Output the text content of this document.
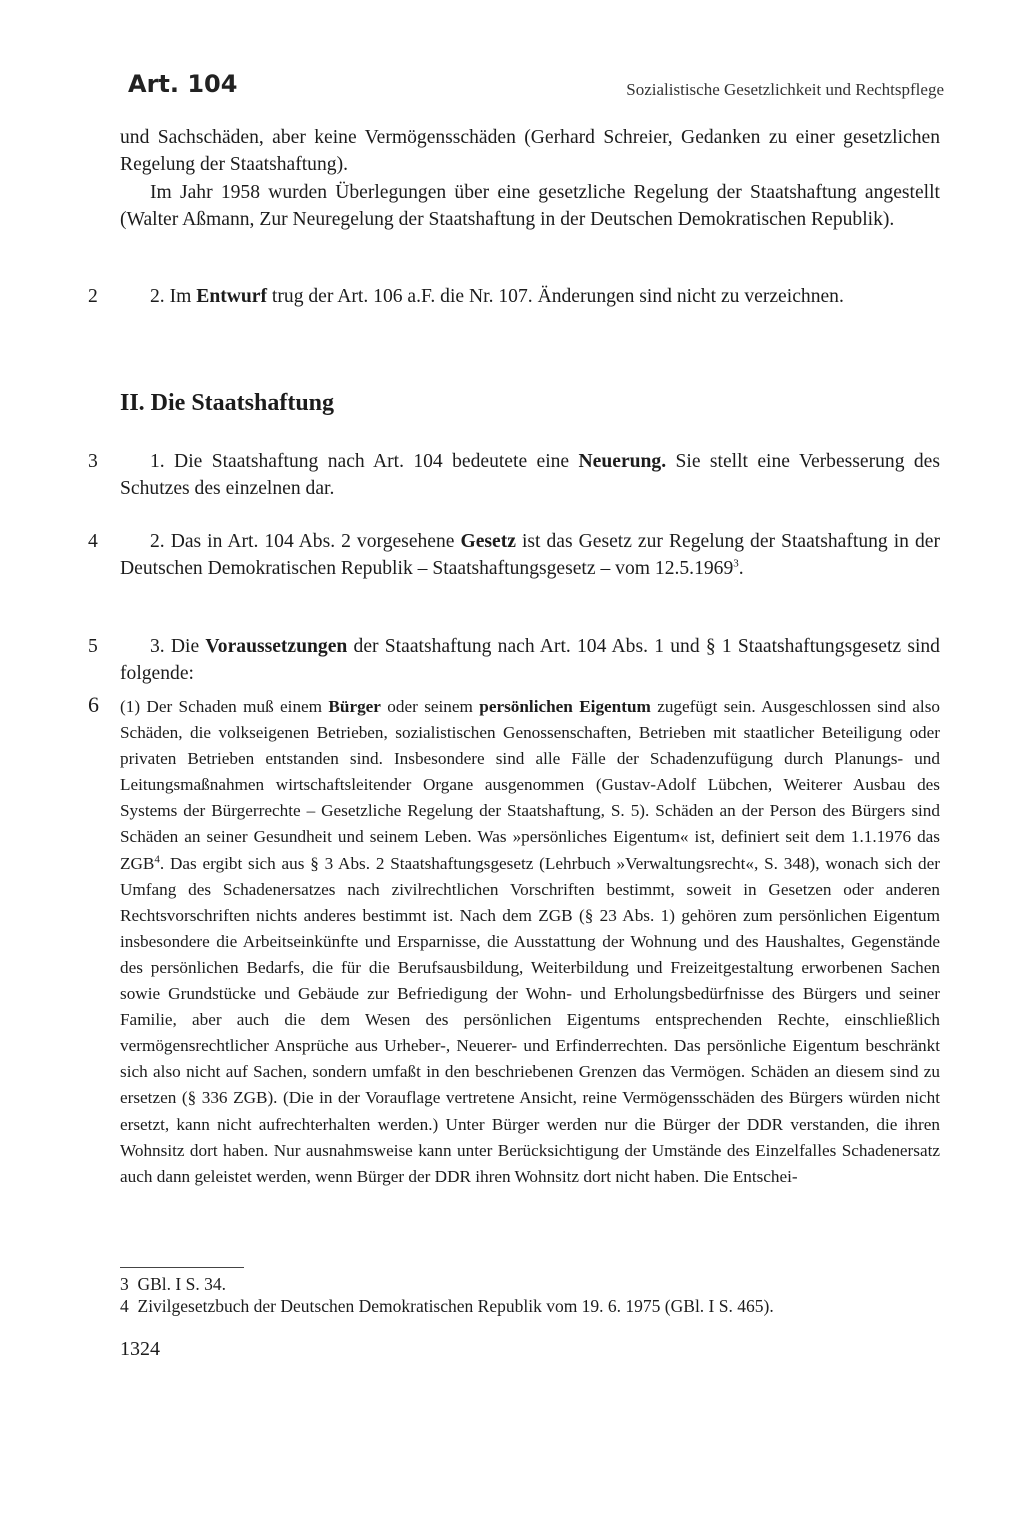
Art. 104	Sozialistische Gesetzlichkeit und Rechtspflege

und Sachschäden, aber keine Vermögensschäden (Gerhard Schreier, Gedanken zu einer gesetzlichen Regelung der Staatshaftung).

Im Jahr 1958 wurden Überlegungen über eine gesetzliche Regelung der Staatshaftung angestellt (Walter Aßmann, Zur Neuregelung der Staatshaftung in der Deutschen Demokratischen Republik).

2	2. Im Entwurf trug der Art. 106 a.F. die Nr. 107. Änderungen sind nicht zu verzeichnen.

II. Die Staatshaftung
3	1. Die Staatshaftung nach Art. 104 bedeutete eine Neuerung. Sie stellt eine Verbesserung des Schutzes des einzelnen dar.

4	2. Das in Art. 104 Abs. 2 vorgesehene Gesetz ist das Gesetz zur Regelung der Staatshaftung in der Deutschen Demokratischen Republik – Staatshaftungsgesetz – vom 12.5.1969$^3$.

5	3. Die Voraussetzungen der Staatshaftung nach Art. 104 Abs. 1 und § 1 Staatshaftungsgesetz sind folgende:

6 (1) Der Schaden muß einem Bürger oder seinem persönlichen Eigentum zugefügt sein. Ausgeschlossen sind also Schäden, die volkseigenen Betrieben, sozialistischen Genossenschaften, Betrieben mit staatlicher Beteiligung oder privaten Betrieben entstanden sind. Insbesondere sind alle Fälle der Schadenzufügung durch Planungs- und Leitungsmaßnahmen wirtschaftsleitender Organe ausgenommen (Gustav-Adolf Lübchen, Weiterer Ausbau des Systems der Bürgerrechte – Gesetzliche Regelung der Staatshaftung, S. 5). Schäden an der Person des Bürgers sind Schäden an seiner Gesundheit und seinem Leben. Was »persönliches Eigentum« ist, definiert seit dem 1.1.1976 das ZGB$^4$. Das ergibt sich aus § 3 Abs. 2 Staatshaftungsgesetz (Lehrbuch »Verwaltungsrecht«, S. 348), wonach sich der Umfang des Schadenersatzes nach zivilrechtlichen Vorschriften bestimmt, soweit in Gesetzen oder anderen Rechtsvorschriften nichts anderes bestimmt ist. Nach dem ZGB (§ 23 Abs. 1) gehören zum persönlichen Eigentum insbesondere die Arbeitseinkünfte und Ersparnisse, die Ausstattung der Wohnung und des Haushaltes, Gegenstände des persönlichen Bedarfs, die für die Berufsausbildung, Weiterbildung und Freizeitgestaltung erworbenen Sachen sowie Grundstücke und Gebäude zur Befriedigung der Wohn- und Erholungsbedürfnisse des Bürgers und seiner Familie, aber auch die dem Wesen des persönlichen Eigentums entsprechenden Rechte, einschließlich vermögensrechtlicher Ansprüche aus Urheber-, Neuerer- und Erfinderrechten. Das persönliche Eigentum beschränkt sich also nicht auf Sachen, sondern umfaßt in den beschriebenen Grenzen das Vermögen. Schäden an diesem sind zu ersetzen (§ 336 ZGB). (Die in der Vorauflage vertretene Ansicht, reine Vermögensschäden des Bürgers würden nicht ersetzt, kann nicht aufrechterhalten werden.) Unter Bürger werden nur die Bürger der DDR verstanden, die ihren Wohnsitz dort haben. Nur ausnahmsweise kann unter Berücksichtigung der Umstände des Einzelfalles Schadenersatz auch dann geleistet werden, wenn Bürger der DDR ihren Wohnsitz dort nicht haben. Die Entschei-

3 GBl. I S. 34.
4 Zivilgesetzbuch der Deutschen Demokratischen Republik vom 19. 6. 1975 (GBl. I S. 465).
1324
